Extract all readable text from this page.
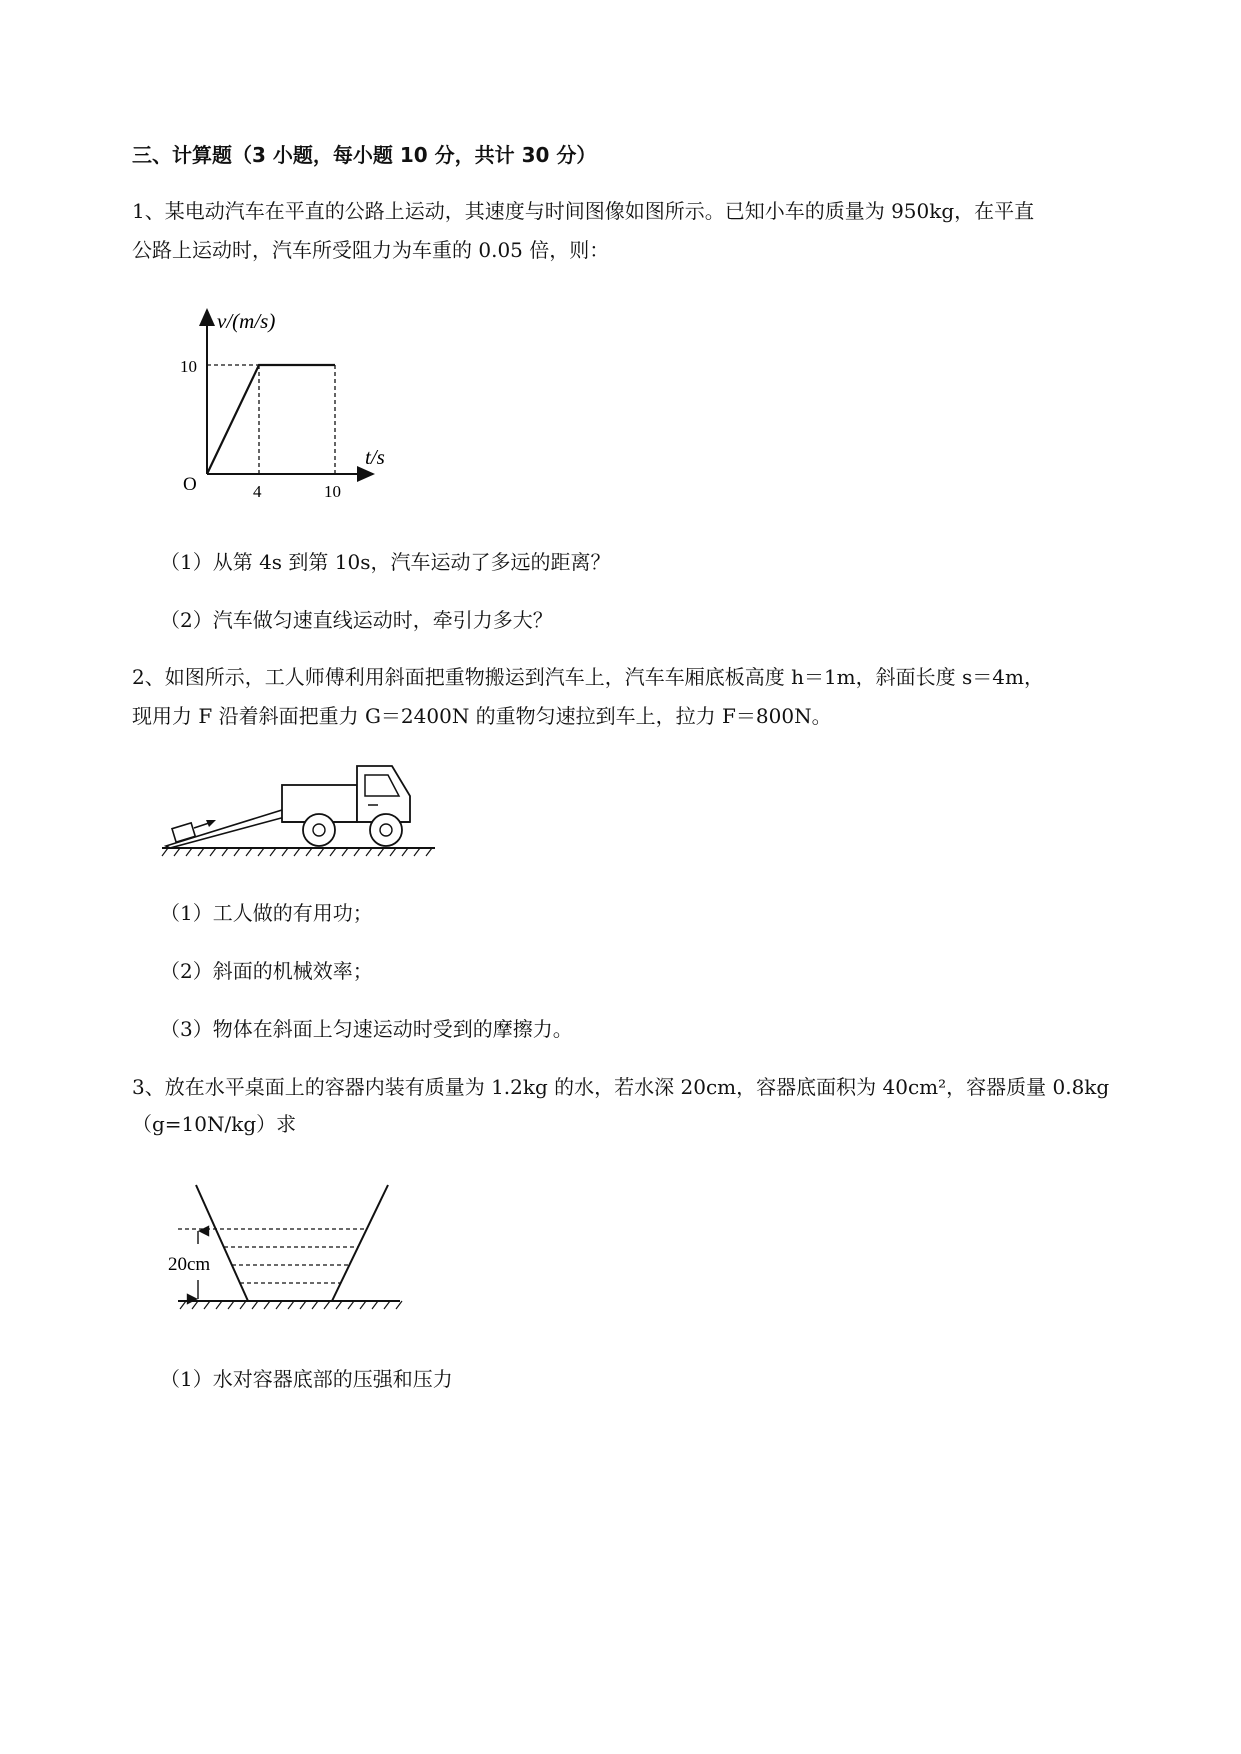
三、计算题（3 小题，每小题 10 分，共计 30 分）
1、某电动汽车在平直的公路上运动，其速度与时间图像如图所示。已知小车的质量为 950kg，在平直
公路上运动时，汽车所受阻力为车重的 0.05 倍，则：
v/(m/s)
t/s
O
10
4	10
（1）从第 4s 到第 10s，汽车运动了多远的距离？
（2）汽车做匀速直线运动时，牵引力多大？
2、如图所示，工人师傅利用斜面把重物搬运到汽车上，汽车车厢底板高度 h＝1m，斜面长度 s＝4m，
现用力 F 沿着斜面把重力 G＝2400N 的重物匀速拉到车上，拉力 F＝800N。
（1）工人做的有用功；
（2）斜面的机械效率；
（3）物体在斜面上匀速运动时受到的摩擦力。
3、放在水平桌面上的容器内装有质量为 1.2kg 的水，若水深 20cm，容器底面积为 40cm²，容器质量 0.8kg
（g=10N/kg）求
20cm
（1）水对容器底部的压强和压力
